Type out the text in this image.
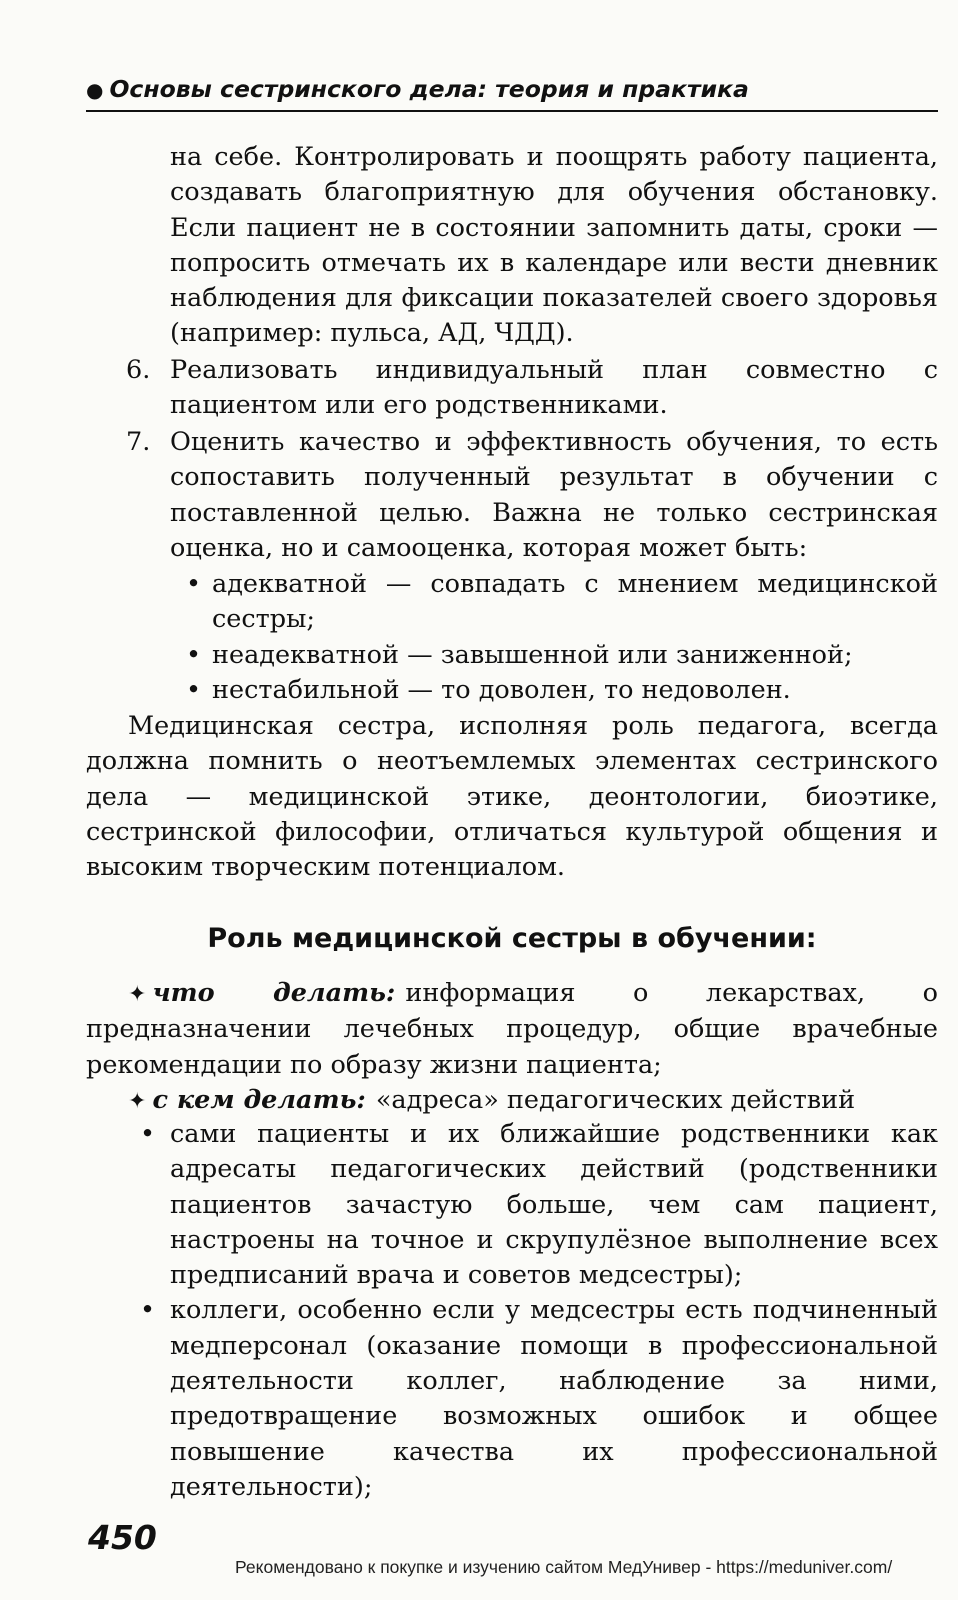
● Основы сестринского дела: теория и практика

на себе. Контролировать и поощрять работу пациента, создавать благоприятную для обучения обстановку. Если пациент не в состоянии запомнить даты, сроки — попросить отмечать их в календаре или вести дневник наблюдения для фиксации показателей своего здоровья (например: пульса, АД, ЧДД).

6. Реализовать индивидуальный план совместно с пациентом или его родственниками.

7. Оценить качество и эффективность обучения, то есть сопоставить полученный результат в обучении с поставленной целью. Важна не только сестринская оценка, но и самооценка, которая может быть:

• адекватной — совпадать с мнением медицинской сестры;

• неадекватной — завышенной или заниженной;

• нестабильной — то доволен, то недоволен.

Медицинская сестра, исполняя роль педагога, всегда должна помнить о неотъемлемых элементах сестринского дела — медицинской этике, деонтологии, биоэтике, сестринской философии, отличаться культурой общения и высоким творческим потенциалом.

Роль медицинской сестры в обучении:

✦ что делать: информация о лекарствах, о предназначении лечебных процедур, общие врачебные рекомендации по образу жизни пациента;

✦ с кем делать: «адреса» педагогических действий

• сами пациенты и их ближайшие родственники как адресаты педагогических действий (родственники пациентов зачастую больше, чем сам пациент, настроены на точное и скрупулёзное выполнение всех предписаний врача и советов медсестры);

• коллеги, особенно если у медсестры есть подчиненный медперсонал (оказание помощи в профессиональной деятельности коллег, наблюдение за ними, предотвращение возможных ошибок и общее повышение качества их профессиональной деятельности);

450
Рекомендовано к покупке и изучению сайтом МедУнивер - https://meduniver.com/
